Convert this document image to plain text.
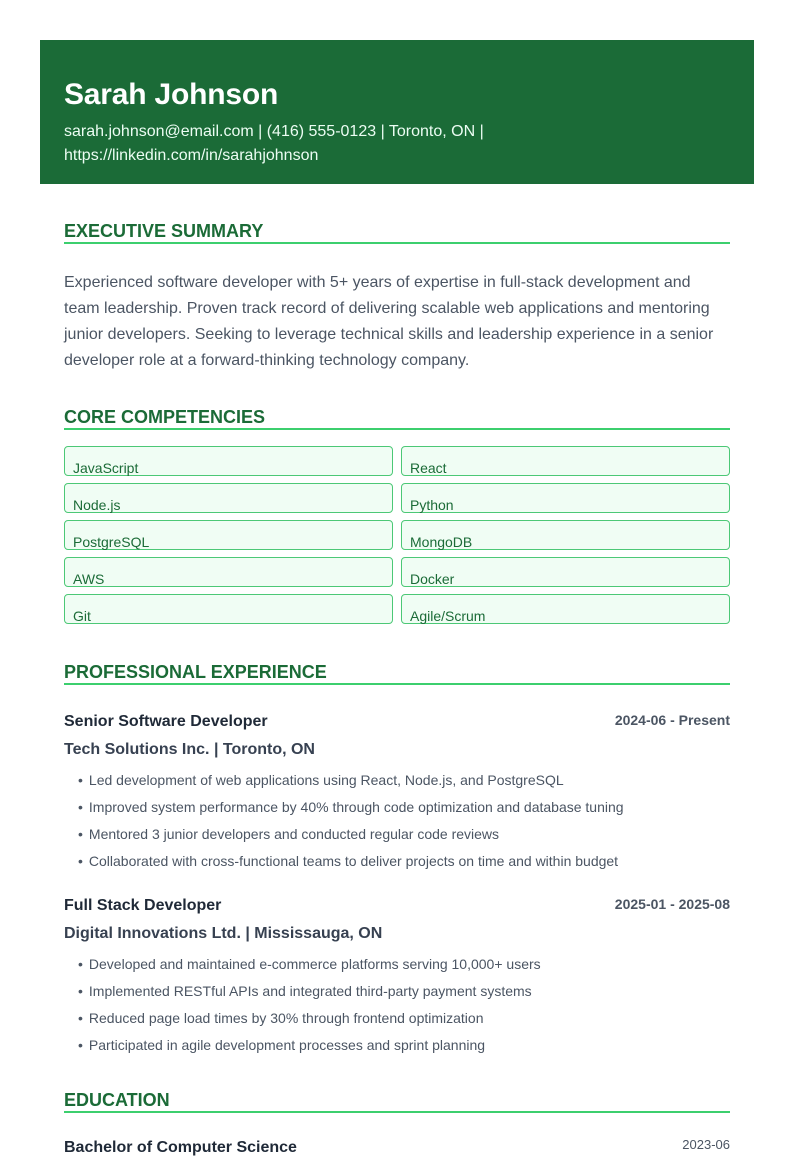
Sarah Johnson
sarah.johnson@email.com | (416) 555-0123 | Toronto, ON | https://linkedin.com/in/sarahjohnson
EXECUTIVE SUMMARY

Experienced software developer with 5+ years of expertise in full-stack development and team leadership. Proven track record of delivering scalable web applications and mentoring junior developers. Seeking to leverage technical skills and leadership experience in a senior developer role at a forward-thinking technology company.

CORE COMPETENCIES
JavaScript	React
Node.js	Python
PostgreSQL	MongoDB
AWS	Docker
Git	Agile/Scrum
PROFESSIONAL EXPERIENCE
Senior Software Developer	2024-06 - Present
Tech Solutions Inc. | Toronto, ON
• Led development of web applications using React, Node.js, and PostgreSQL
• Improved system performance by 40% through code optimization and database tuning
• Mentored 3 junior developers and conducted regular code reviews
• Collaborated with cross-functional teams to deliver projects on time and within budget
Full Stack Developer	2025-01 - 2025-08
Digital Innovations Ltd. | Mississauga, ON
• Developed and maintained e-commerce platforms serving 10,000+ users
• Implemented RESTful APIs and integrated third-party payment systems
• Reduced page load times by 30% through frontend optimization
• Participated in agile development processes and sprint planning
EDUCATION
Bachelor of Computer Science	2023-06
